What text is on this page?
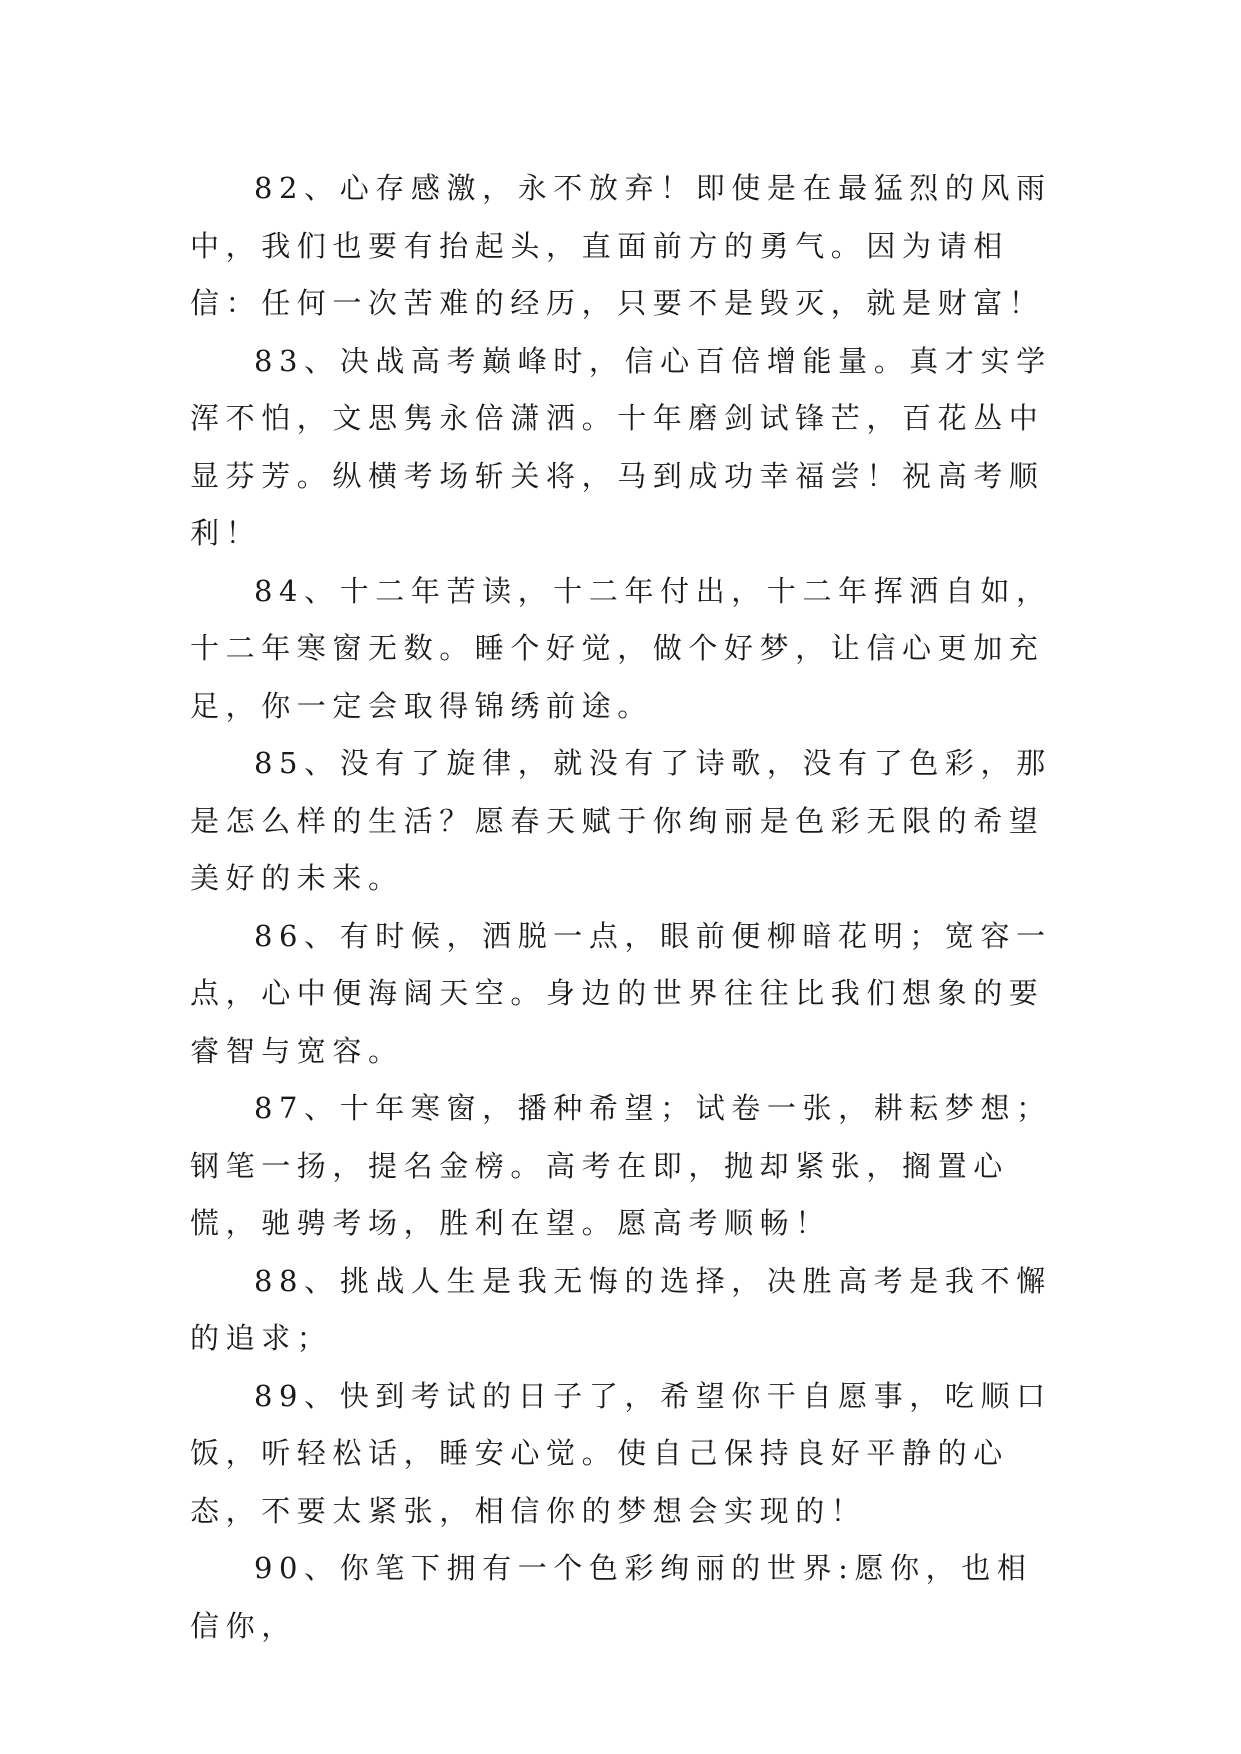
82、心存感激，永不放弃！即使是在最猛烈的风雨中，我们也要有抬起头，直面前方的勇气。因为请相信：任何一次苦难的经历，只要不是毁灭，就是财富！

83、决战高考巅峰时，信心百倍增能量。真才实学浑不怕，文思隽永倍潇洒。十年磨剑试锋芒，百花丛中显芬芳。纵横考场斩关将，马到成功幸福尝！祝高考顺利！

84、十二年苦读，十二年付出，十二年挥洒自如，十二年寒窗无数。睡个好觉，做个好梦，让信心更加充足，你一定会取得锦绣前途。

85、没有了旋律，就没有了诗歌，没有了色彩，那是怎么样的生活？愿春天赋于你绚丽是色彩无限的希望美好的未来。

86、有时候，洒脱一点，眼前便柳暗花明；宽容一点，心中便海阔天空。身边的世界往往比我们想象的要睿智与宽容。

87、十年寒窗，播种希望；试卷一张，耕耘梦想；钢笔一扬，提名金榜。高考在即，抛却紧张，搁置心慌，驰骋考场，胜利在望。愿高考顺畅！

88、挑战人生是我无悔的选择，决胜高考是我不懈的追求；

89、快到考试的日子了，希望你干自愿事，吃顺口饭，听轻松话，睡安心觉。使自己保持良好平静的心态，不要太紧张，相信你的梦想会实现的！

90、你笔下拥有一个色彩绚丽的世界:愿你，也相信你，
